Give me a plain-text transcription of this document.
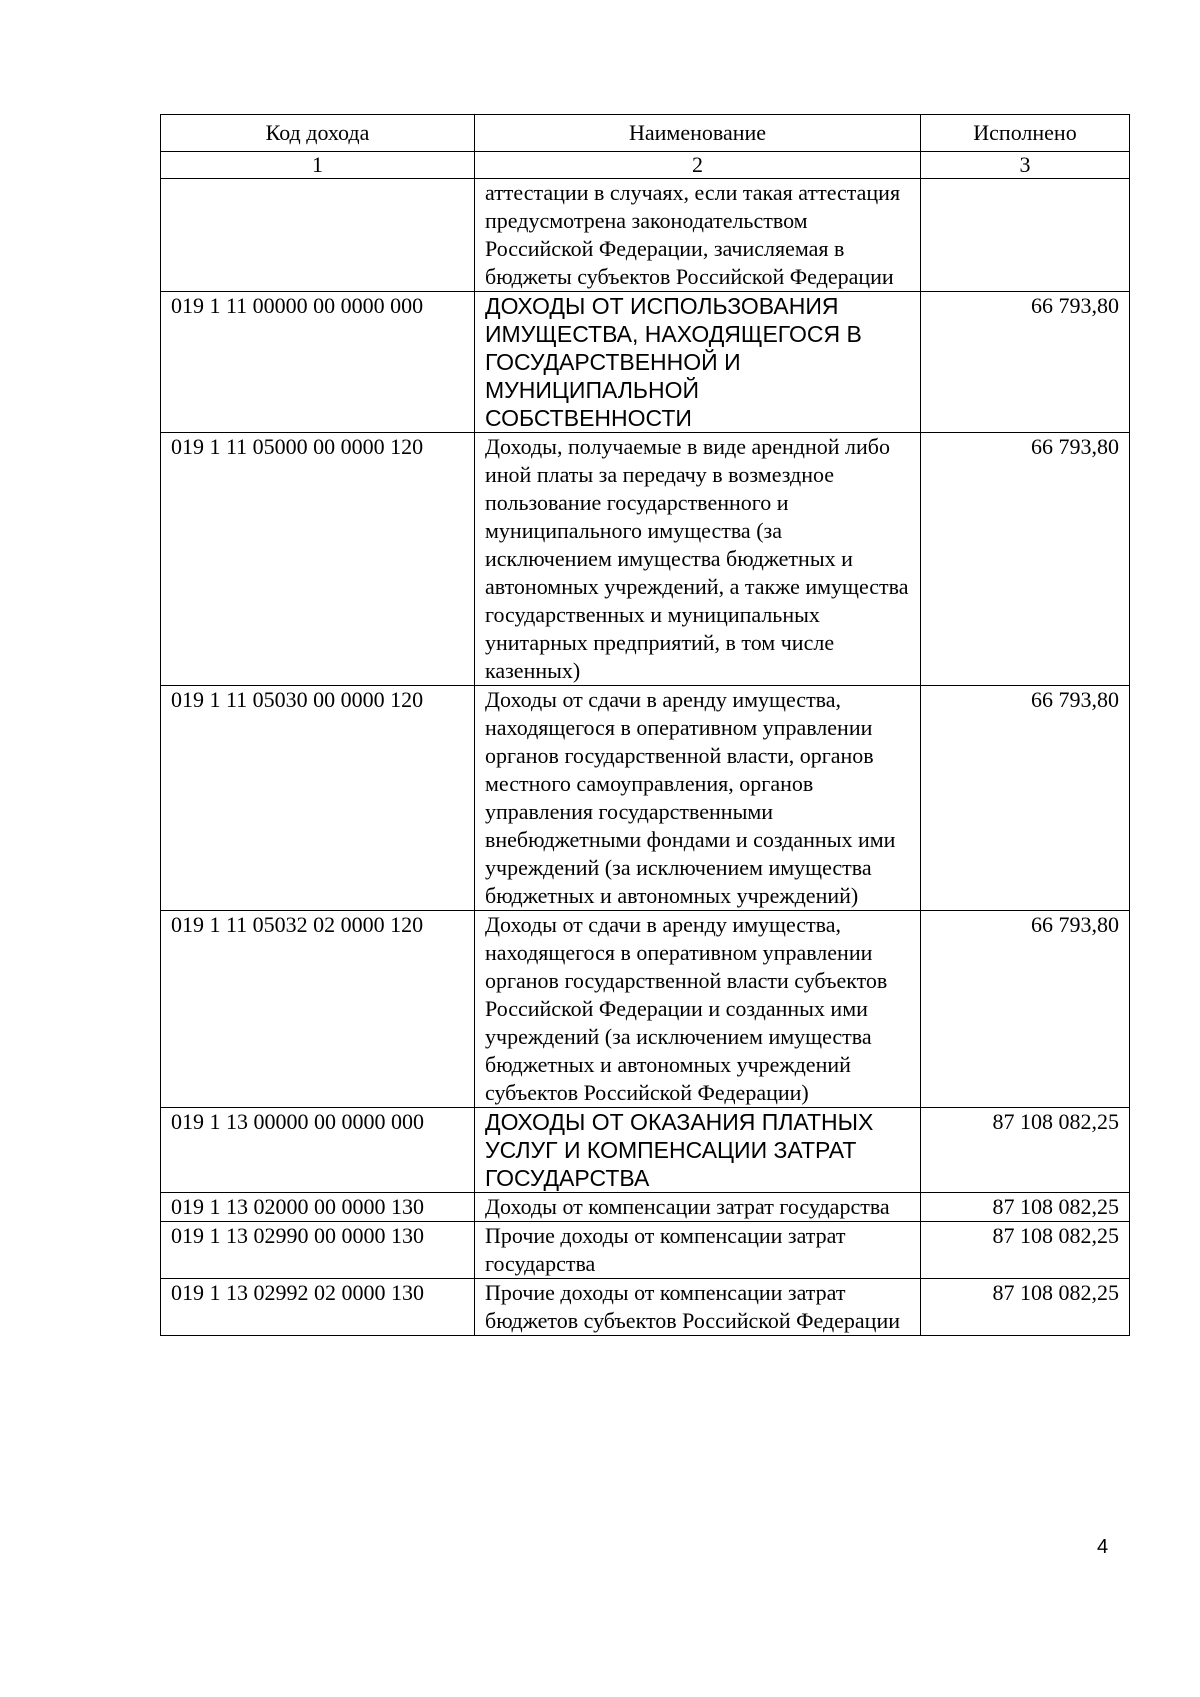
Код дохода	Наименование	Исполнено
1	2	3
	аттестации в случаях, если такая аттестация предусмотрена законодательством Российской Федерации, зачисляемая в бюджеты субъектов Российской Федерации	
019 1 11 00000 00 0000 000	ДОХОДЫ ОТ ИСПОЛЬЗОВАНИЯ ИМУЩЕСТВА, НАХОДЯЩЕГОСЯ В ГОСУДАРСТВЕННОЙ И МУНИЦИПАЛЬНОЙ СОБСТВЕННОСТИ	66 793,80
019 1 11 05000 00 0000 120	Доходы, получаемые в виде арендной либо иной платы за передачу в возмездное пользование государственного и муниципального имущества (за исключением имущества бюджетных и автономных учреждений, а также имущества государственных и муниципальных унитарных предприятий, в том числе казенных)	66 793,80
019 1 11 05030 00 0000 120	Доходы от сдачи в аренду имущества, находящегося в оперативном управлении органов государственной власти, органов местного самоуправления, органов управления государственными внебюджетными фондами и созданных ими учреждений (за исключением имущества бюджетных и автономных учреждений)	66 793,80
019 1 11 05032 02 0000 120	Доходы от сдачи в аренду имущества, находящегося в оперативном управлении органов государственной власти субъектов Российской Федерации и созданных ими учреждений (за исключением имущества бюджетных и автономных учреждений субъектов Российской Федерации)	66 793,80
019 1 13 00000 00 0000 000	ДОХОДЫ ОТ ОКАЗАНИЯ ПЛАТНЫХ УСЛУГ И КОМПЕНСАЦИИ ЗАТРАТ ГОСУДАРСТВА	87 108 082,25
019 1 13 02000 00 0000 130	Доходы от компенсации затрат государства	87 108 082,25
019 1 13 02990 00 0000 130	Прочие доходы от компенсации затрат государства	87 108 082,25
019 1 13 02992 02 0000 130	Прочие доходы от компенсации затрат бюджетов субъектов Российской Федерации	87 108 082,25
4
